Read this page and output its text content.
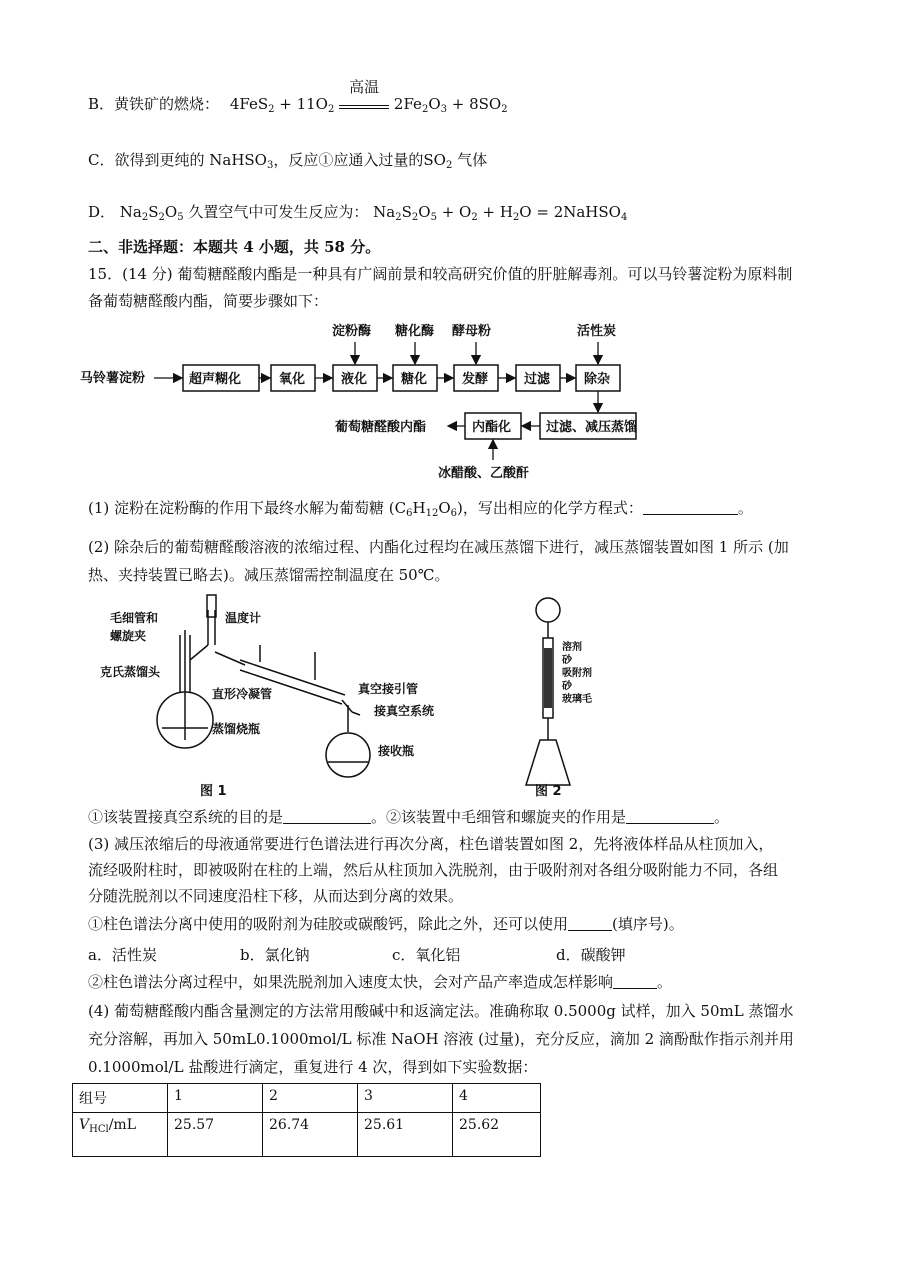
B．黄铁矿的燃烧： $4FeS_2 + 11O_2$
高温
$2Fe_2O_3 + 8SO_2$
C．欲得到更纯的 NaHSO$_3$，反应①应通入过量的$SO_2$ 气体
D． $Na_2S_2O_5$ 久置空气中可发生反应为： $Na_2S_2O_5 + O_2 + H_2O$ = 2NaHSO$_4$
二、非选择题：本题共 4 小题，共 58 分。
15．(14 分) 葡萄糖醛酸内酯是一种具有广阔前景和较高研究价值的肝脏解毒剂。可以马铃薯淀粉为原料制
备葡萄糖醛酸内酯，简要步骤如下：
马铃薯淀粉	超声糊化	氧化	液化	糖化	发酵	过滤	除杂
淀粉酶 糖化酶 酵母粉	活性炭
过滤、减压蒸馏
内酯化
葡萄糖醛酸内酯
冰醋酸、乙酸酐
(1) 淀粉在淀粉酶的作用下最终水解为葡萄糖 $(C_6H_{12}O_6)$，写出相应的化学方程式：	。
(2) 除杂后的葡萄糖醛酸溶液的浓缩过程、内酯化过程均在减压蒸馏下进行，减压蒸馏装置如图 1 所示 (加
热、夹持装置已略去)。减压蒸馏需控制温度在 50℃。
毛细管和
螺旋夹
温度计
克氏蒸馏头
直形冷凝管	真空接引管
接真空系统
蒸馏烧瓶
接收瓶
图 1
溶剂
砂
吸附剂
砂
玻璃毛
图 2
①该装置接真空系统的目的是	。②该装置中毛细管和螺旋夹的作用是	。
(3) 减压浓缩后的母液通常要进行色谱法进行再次分离，柱色谱装置如图 2，先将液体样品从柱顶加入，
流经吸附柱时，即被吸附在柱的上端，然后从柱顶加入洗脱剂，由于吸附剂对各组分吸附能力不同，各组
分随洗脱剂以不同速度沿柱下移，从而达到分离的效果。
①柱色谱法分离中使用的吸附剂为硅胶或碳酸钙，除此之外，还可以使用	(填序号)。
a．活性炭	b．氯化钠	c．氧化铝	d．碳酸钾
②柱色谱法分离过程中，如果洗脱剂加入速度太快，会对产品产率造成怎样影响	。
(4) 葡萄糖醛酸内酯含量测定的方法常用酸碱中和返滴定法。准确称取 0.5000g 试样，加入 50mL 蒸馏水
充分溶解，再加入 50mL0.1000mol/L 标准 NaOH 溶液 (过量)，充分反应，滴加 2 滴酚酞作指示剂并用
0.1000mol/L 盐酸进行滴定，重复进行 4 次，得到如下实验数据：
组号	1	2	3	4
$V_{HCl}/mL$	25.57	26.74	25.61	25.62
